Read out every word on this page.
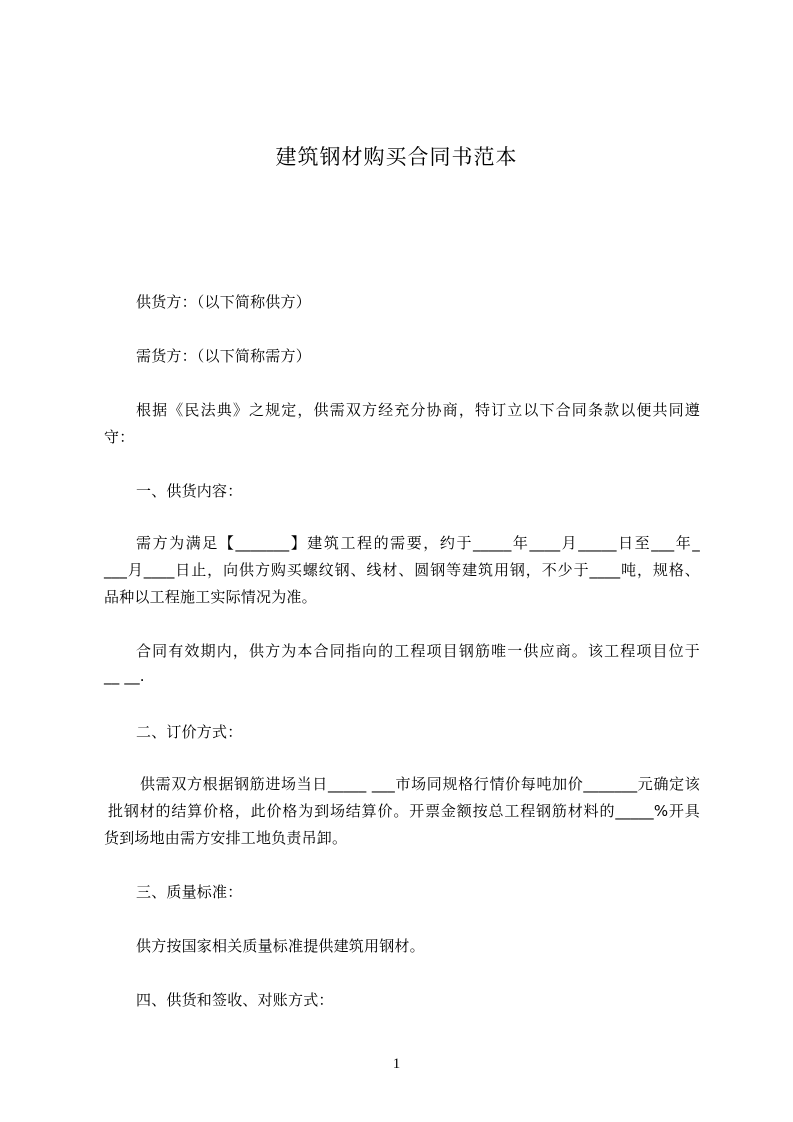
建筑钢材购买合同书范本
供货方：（以下简称供方）
需货方：（以下简称需方）
根据《民法典》之规定，供需双方经充分协商，特订立以下合同条款以便共同遵
守：
一、供货内容：
需方为满足【_______】建筑工程的需要，约于_____年____月_____日至___年_
___月____日止，向供方购买螺纹钢、线材、圆钢等建筑用钢，不少于____吨，规格、
品种以工程施工实际情况为准。
合同有效期内，供方为本合同指向的工程项目钢筋唯一供应商。该工程项目位于
__ __.
二、订价方式：
供需双方根据钢筋进场当日_____ ___市场同规格行情价每吨加价_______元确定该
批钢材的结算价格，此价格为到场结算价。开票金额按总工程钢筋材料的_____%开具
货到场地由需方安排工地负责吊卸。
三、质量标准：
供方按国家相关质量标准提供建筑用钢材。
四、供货和签收、对账方式：
1
